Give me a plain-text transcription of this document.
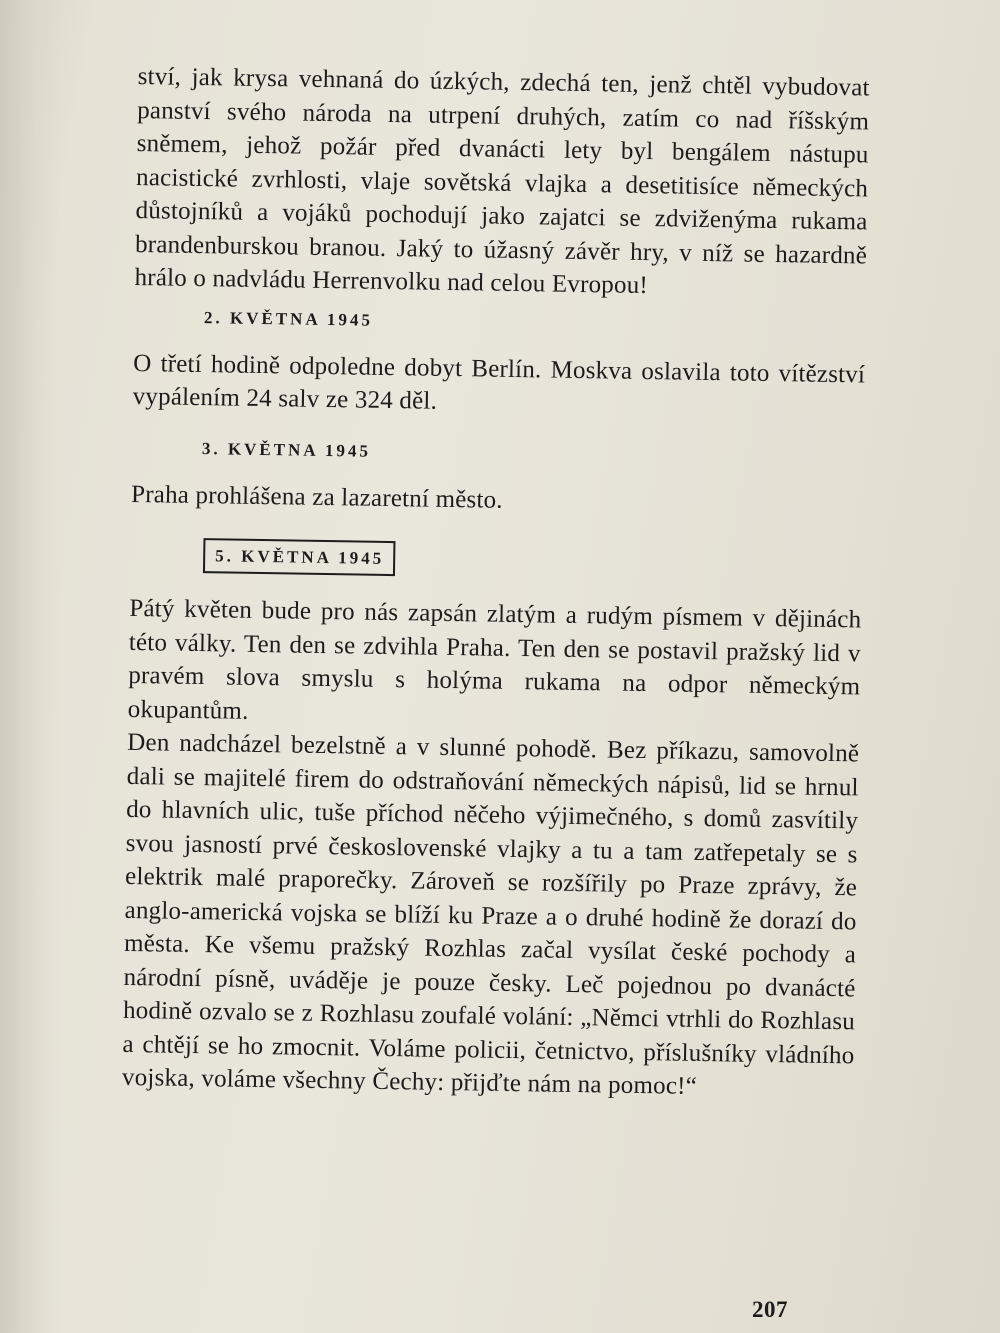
ství, jak krysa vehnaná do úzkých, zdechá ten, jenž chtěl vybudovat panství svého národa na utrpení druhých, zatím co nad říšským sněmem, jehož požár před dvanácti lety byl bengálem nástupu nacistické zvrhlosti, vlaje sovětská vlajka a desetitisíce německých důstojníků a vojáků pochodují jako zajatci se zdviženýma rukama brandenburskou branou. Jaký to úžasný závěr hry, v níž se hazardně hrálo o nadvládu Herrenvolku nad celou Evropou!

2. KVĚTNA 1945

O třetí hodině odpoledne dobyt Berlín. Moskva oslavila toto vítězství vypálením 24 salv ze 324 děl.

3. KVĚTNA 1945

Praha prohlášena za lazaretní město.

5. KVĚTNA 1945

Pátý květen bude pro nás zapsán zlatým a rudým písmem v dějinách této války. Ten den se zdvihla Praha. Ten den se postavil pražský lid v pravém slova smyslu s holýma rukama na odpor německým okupantům.

Den nadcházel bezelstně a v slunné pohodě. Bez příkazu, samovolně dali se majitelé firem do odstraňování německých nápisů, lid se hrnul do hlavních ulic, tuše příchod něčeho výjimečného, s domů zasvítily svou jasností prvé československé vlajky a tu a tam zatřepetaly se s elektrik malé praporečky. Zároveň se rozšířily po Praze zprávy, že anglo-americká vojska se blíží ku Praze a o druhé hodině že dorazí do města. Ke všemu pražský Rozhlas začal vysílat české pochody a národní písně, uváděje je pouze česky. Leč pojednou po dvanácté hodině ozvalo se z Rozhlasu zoufalé volání: „Němci vtrhli do Rozhlasu a chtějí se ho zmocnit. Voláme policii, četnictvo, příslušníky vládního vojska, voláme všechny Čechy: přijďte nám na pomoc!“

207
